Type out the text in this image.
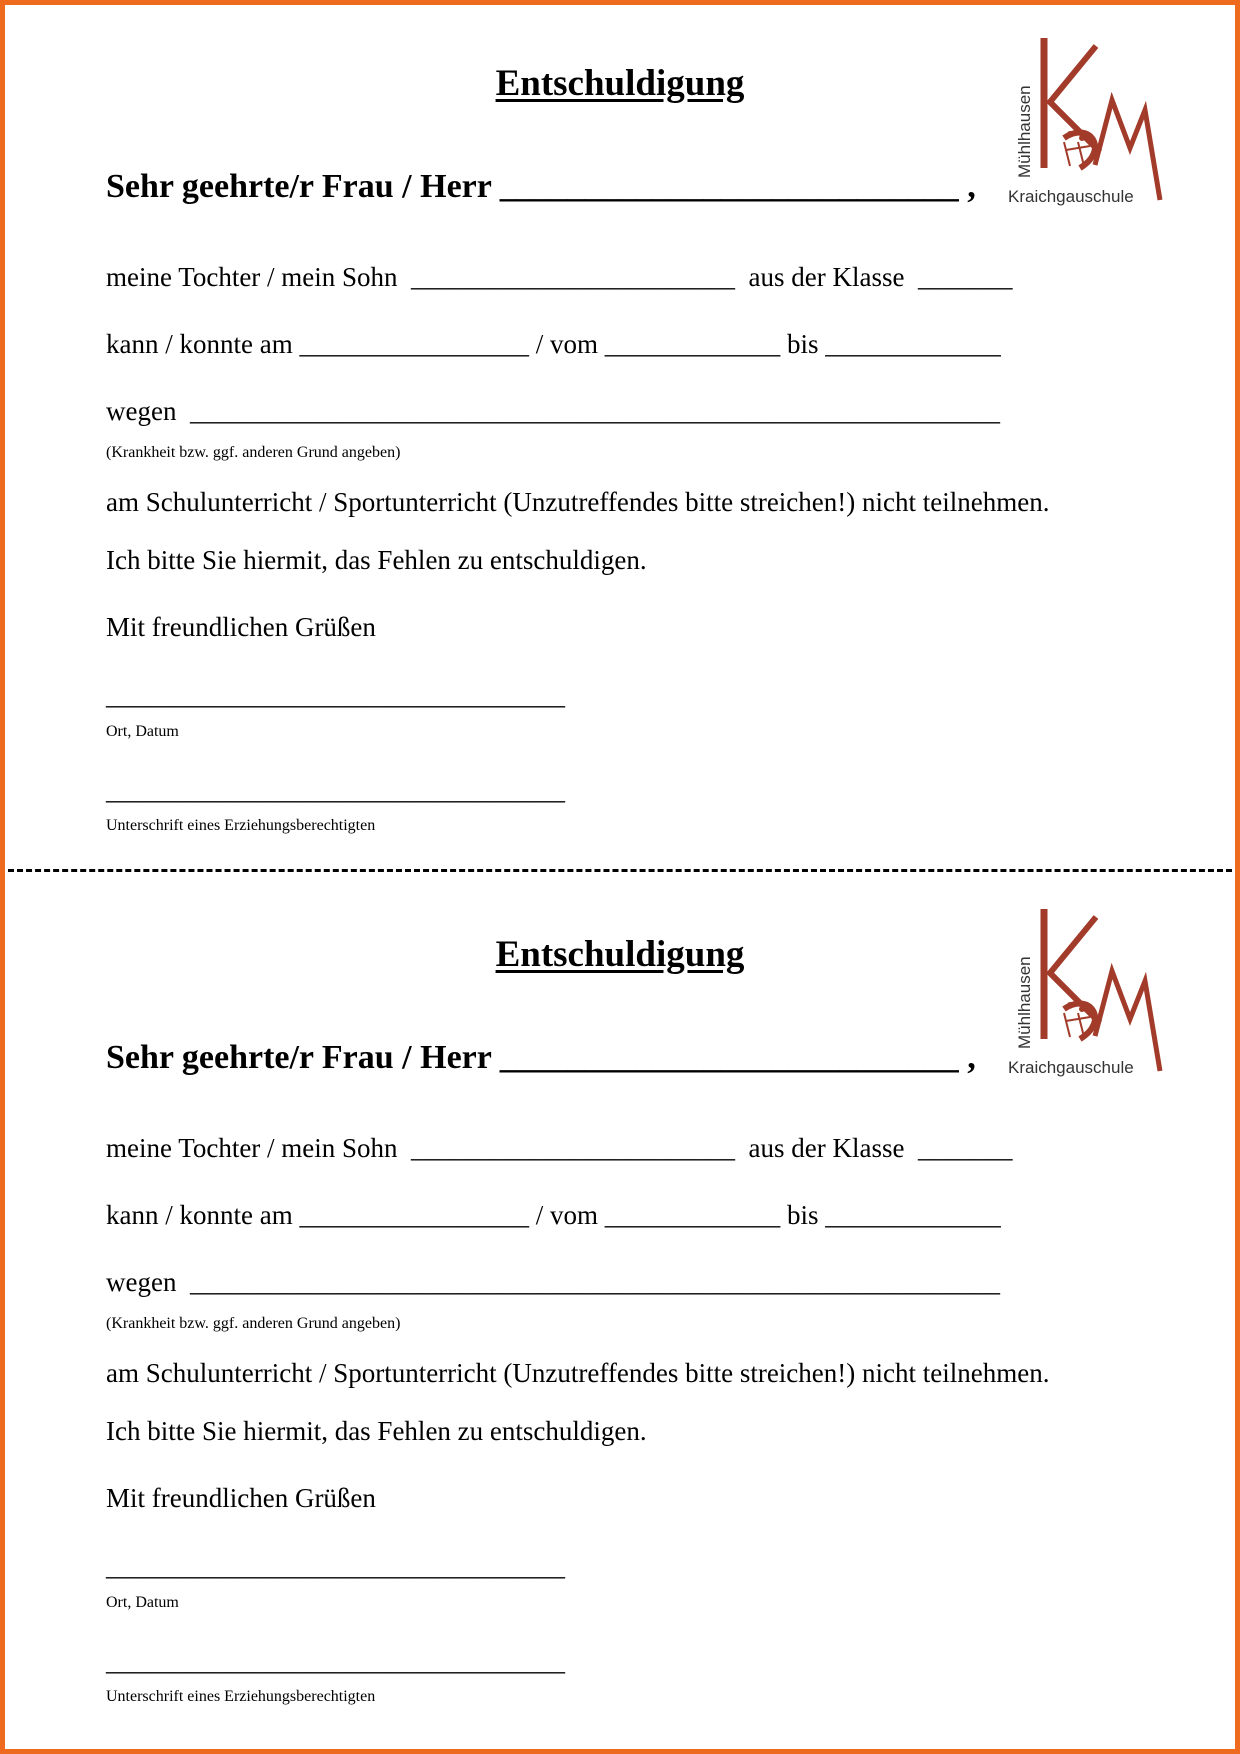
Entschuldigung
Mühlhausen
Kraichgauschule
Sehr geehrte/r Frau / Herr ___________________________ ,
meine Tochter / mein Sohn  ________________________  aus der Klasse  _______
kann / konnte am _________________ / vom _____________ bis _____________
wegen  ____________________________________________________________
(Krankheit bzw. ggf. anderen Grund angeben)
am Schulunterricht / Sportunterricht (Unzutreffendes bitte streichen!) nicht teilnehmen.
Ich bitte Sie hiermit, das Fehlen zu entschuldigen.
Mit freundlichen Grüßen
__________________________________
Ort, Datum
__________________________________
Unterschrift eines Erziehungsberechtigten
Entschuldigung
Mühlhausen
Kraichgauschule
Sehr geehrte/r Frau / Herr ___________________________ ,
meine Tochter / mein Sohn  ________________________  aus der Klasse  _______
kann / konnte am _________________ / vom _____________ bis _____________
wegen  ____________________________________________________________
(Krankheit bzw. ggf. anderen Grund angeben)
am Schulunterricht / Sportunterricht (Unzutreffendes bitte streichen!) nicht teilnehmen.
Ich bitte Sie hiermit, das Fehlen zu entschuldigen.
Mit freundlichen Grüßen
__________________________________
Ort, Datum
__________________________________
Unterschrift eines Erziehungsberechtigten
